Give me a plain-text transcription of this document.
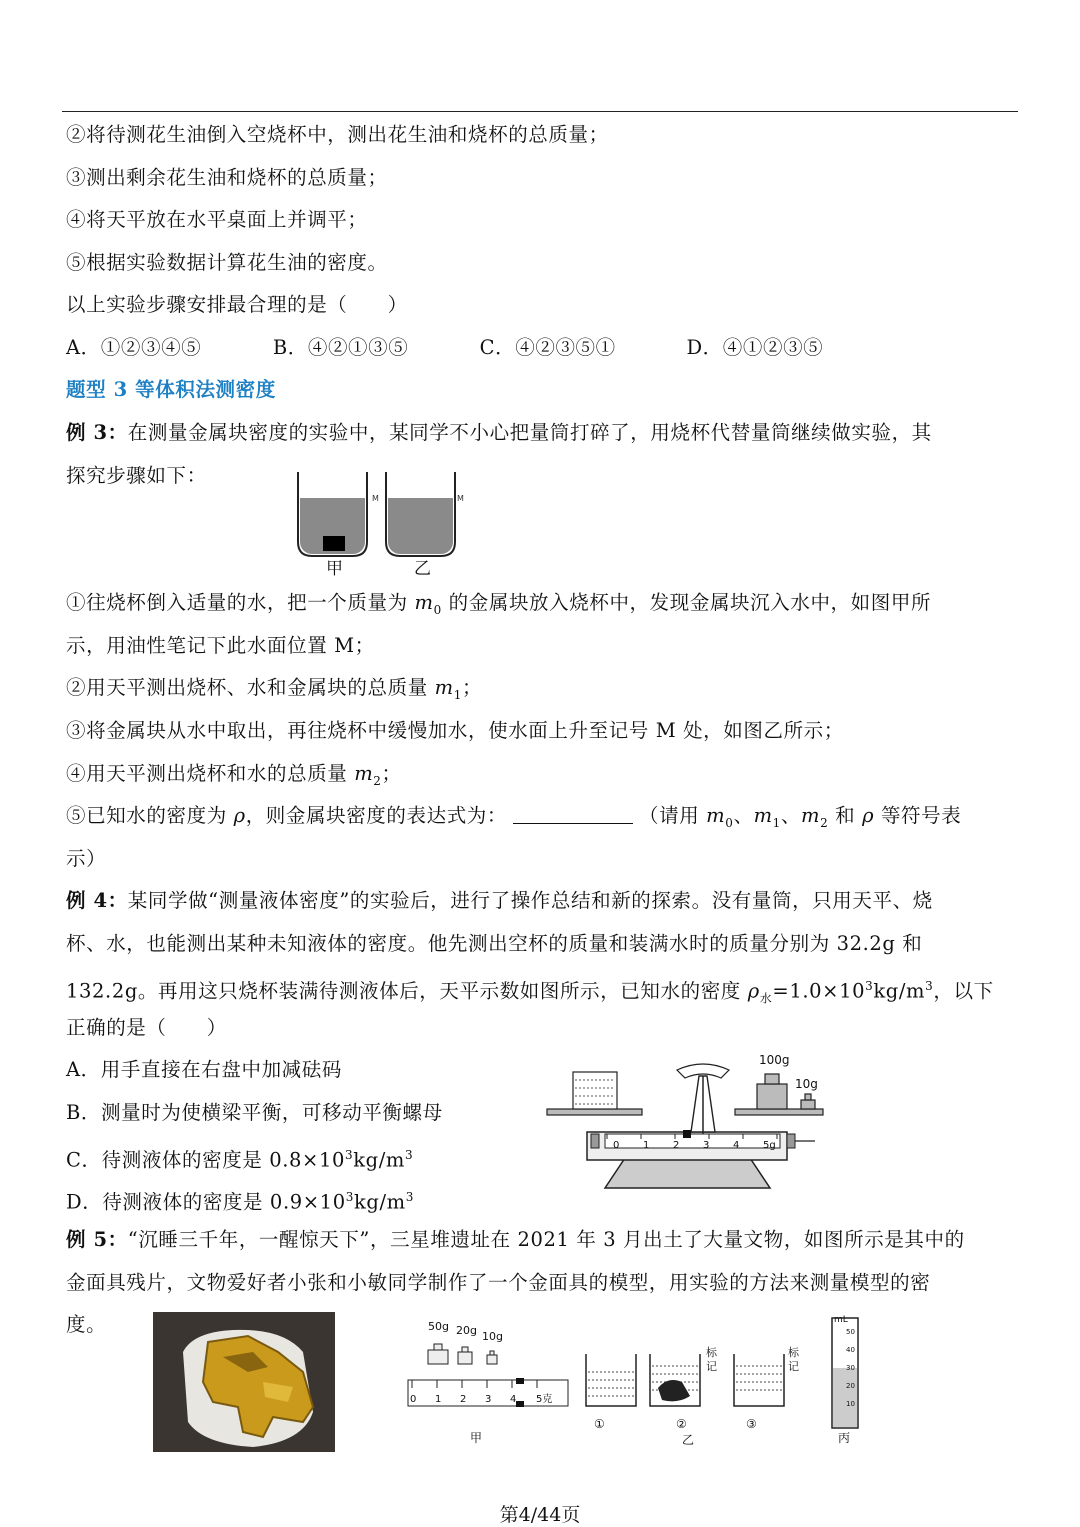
②将待测花生油倒入空烧杯中，测出花生油和烧杯的总质量；
③测出剩余花生油和烧杯的总质量；
④将天平放在水平桌面上并调平；
⑤根据实验数据计算花生油的密度。
以上实验步骤安排最合理的是（　　）
A．①②③④⑤	B．④②①③⑤	C．④②③⑤①	D．④①②③⑤
题型 3 等体积法测密度
例 3：在测量金属块密度的实验中，某同学不小心把量筒打碎了，用烧杯代替量筒继续做实验，其
探究步骤如下：
M	M
甲	乙
①往烧杯倒入适量的水，把一个质量为 $m_0$ 的金属块放入烧杯中，发现金属块沉入水中，如图甲所
示，用油性笔记下此水面位置 M；
②用天平测出烧杯、水和金属块的总质量 $m_1$；
③将金属块从水中取出，再往烧杯中缓慢加水，使水面上升至记号 M 处，如图乙所示；
④用天平测出烧杯和水的总质量 $m_2$；
⑤已知水的密度为 ρ，则金属块密度的表达式为：	（请用 $m_0$、$m_1$、$m_2$ 和 ρ 等符号表
示）
例 4：某同学做“测量液体密度”的实验后，进行了操作总结和新的探索。没有量筒，只用天平、烧
杯、水，也能测出某种未知液体的密度。他先测出空杯的质量和装满水时的质量分别为 32.2g 和
132.2g。再用这只烧杯装满待测液体后，天平示数如图所示，已知水的密度 $\rho_水=1.0\times 10^3kg/m^3$，以下
正确的是（　　）
A．用手直接在右盘中加减砝码
B．测量时为使横梁平衡，可移动平衡螺母
C．待测液体的密度是 $0.8\times 10^3kg/m^3$
D．待测液体的密度是 $0.9\times 10^3kg/m^3$
100g
10g
0 1 2 3 4 5g
例 5：“沉睡三千年，一醒惊天下”，三星堆遗址在 2021 年 3 月出土了大量文物，如图所示是其中的
金面具残片，文物爱好者小张和小敏同学制作了一个金面具的模型，用实验的方法来测量模型的密
度。	50g 20g 10g
0 1 2 3 4 5克
①
标
记
②
标
记
③
mL
50
40
30
20
10
甲	乙	丙
第4/44页
